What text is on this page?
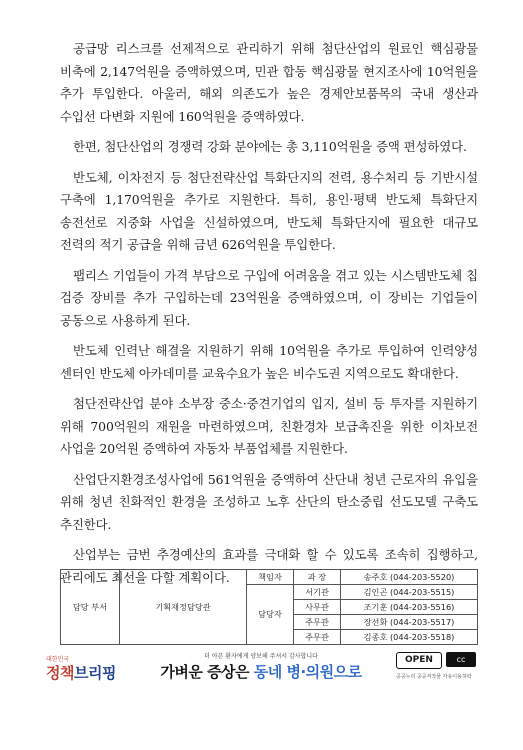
공급망 리스크를 선제적으로 관리하기 위해 첨단산업의 원료인 핵심광물 비축에 2,147억원을 증액하였으며, 민관 합동 핵심광물 현지조사에 10억원을 추가 투입한다. 아울러, 해외 의존도가 높은 경제안보품목의 국내 생산과 수입선 다변화 지원에 160억원을 증액하였다.

한편, 첨단산업의 경쟁력 강화 분야에는 총 3,110억원을 증액 편성하였다.

반도체, 이차전지 등 첨단전략산업 특화단지의 전력, 용수처리 등 기반시설 구축에 1,170억원을 추가로 지원한다. 특히, 용인·평택 반도체 특화단지 송전선로 지중화 사업을 신설하였으며, 반도체 특화단지에 필요한 대규모 전력의 적기 공급을 위해 금년 626억원을 투입한다.

팹리스 기업들이 가격 부담으로 구입에 어려움을 겪고 있는 시스템반도체 칩 검증 장비를 추가 구입하는데 23억원을 증액하였으며, 이 장비는 기업들이 공동으로 사용하게 된다.

반도체 인력난 해결을 지원하기 위해 10억원을 추가로 투입하여 인력양성 센터인 반도체 아카데미를 교육수요가 높은 비수도권 지역으로도 확대한다.

첨단전략산업 분야 소부장 중소·중견기업의 입지, 설비 등 투자를 지원하기 위해 700억원의 재원을 마련하였으며, 친환경차 보급촉진을 위한 이차보전 사업을 20억원 증액하여 자동차 부품업체를 지원한다.

산업단지환경조성사업에 561억원을 증액하여 산단내 청년 근로자의 유입을 위해 청년 친화적인 환경을 조성하고 노후 산단의 탄소중립 선도모델 구축도 추진한다.

산업부는 금번 추경예산의 효과를 극대화 할 수 있도록 조속히 집행하고, 관리에도 최선을 다할 계획이다.

담당 부서	기획재정담당관	책임자	과 장	송주호 (044-203-5520)
		담당자	서기관	김인곤 (044-203-5515)
			사무관	조기훈 (044-203-5516)
			주무관	장선화 (044-203-5517)
			주무관	김종호 (044-203-5518)
대한민국
정책브리핑
더 아픈 환자에게 양보해 주셔서 감사합니다
가벼운 증상은 동네 병·의원으로
OPEN	cc
공공누리 공공저작물 자유이용허락
